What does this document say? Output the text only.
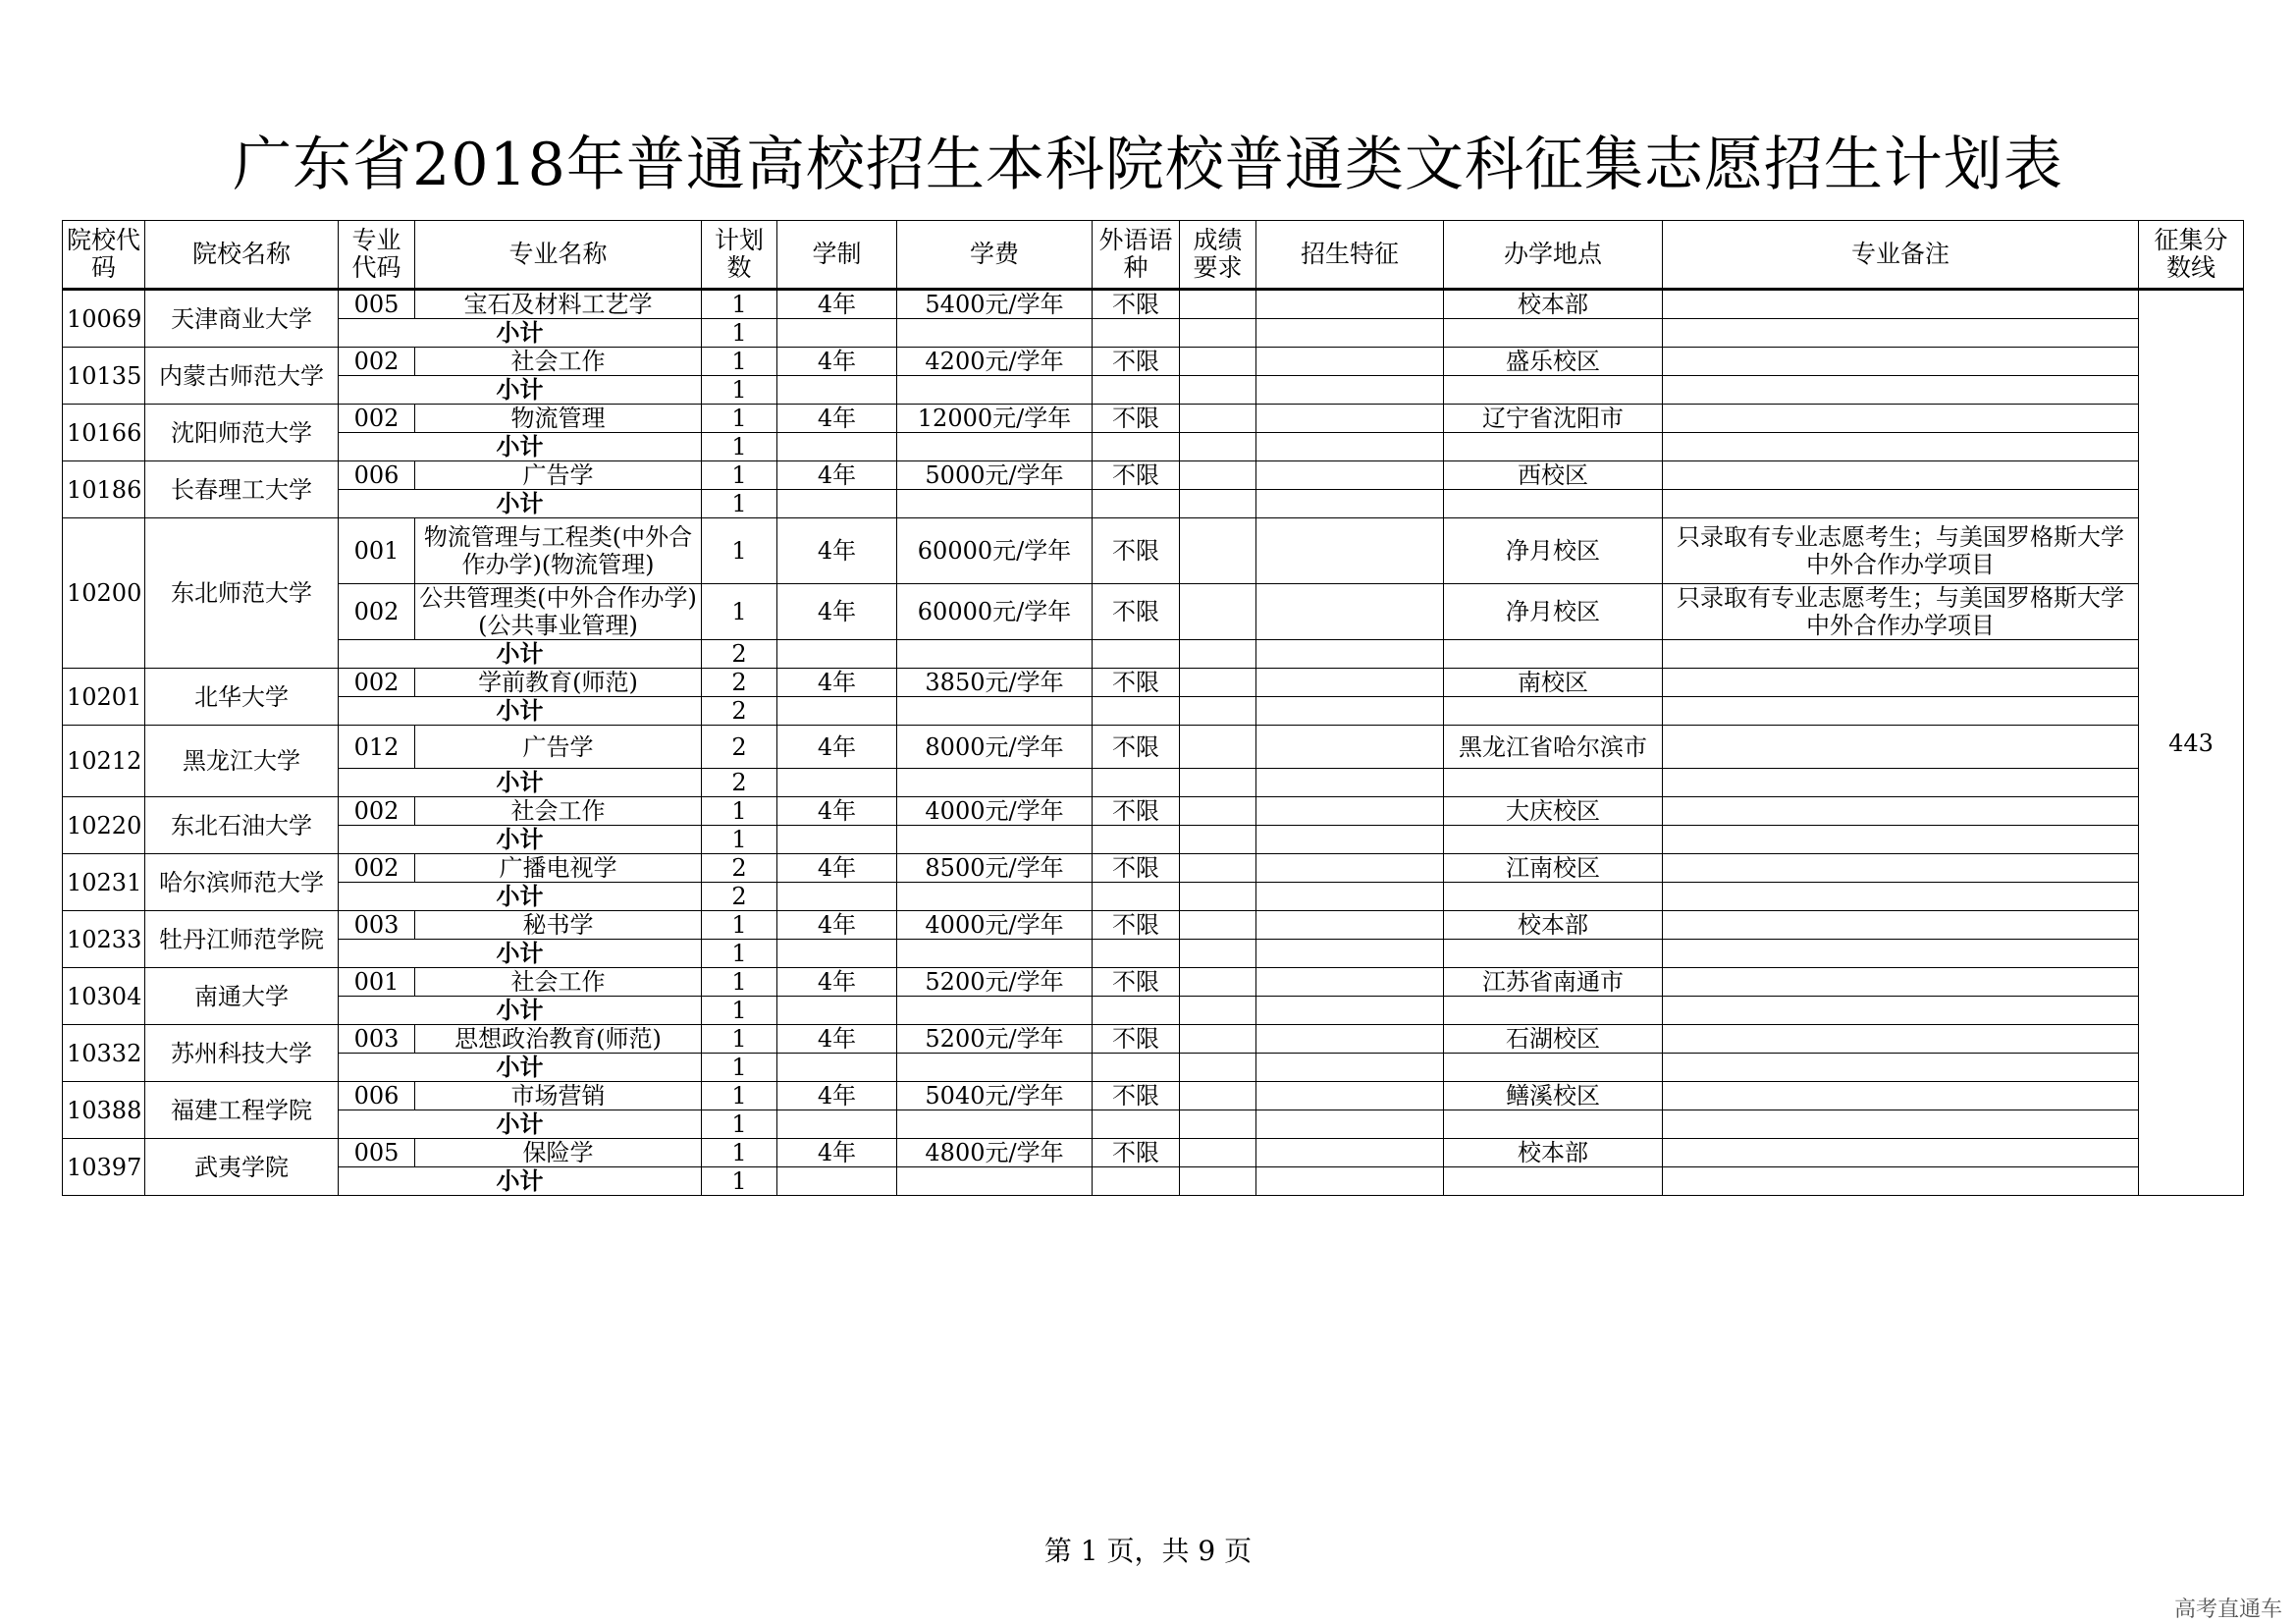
广东省2018年普通高校招生本科院校普通类文科征集志愿招生计划表
院校代码	院校名称	专业代码	专业名称	计划数	学制	学费	外语语种	成绩要求	招生特征	办学地点	专业备注	征集分数线
10069	天津商业大学	005	宝石及材料工艺学	1	4年	5400元/学年	不限			校本部		443
		小计		1								
10135	内蒙古师范大学	002	社会工作	1	4年	4200元/学年	不限			盛乐校区		
		小计		1								
10166	沈阳师范大学	002	物流管理	1	4年	12000元/学年	不限			辽宁省沈阳市		
		小计		1								
10186	长春理工大学	006	广告学	1	4年	5000元/学年	不限			西校区		
		小计		1								
10200	东北师范大学	001	物流管理与工程类(中外合作办学)(物流管理)	1	4年	60000元/学年	不限			净月校区	只录取有专业志愿考生；与美国罗格斯大学中外合作办学项目	
		002	公共管理类(中外合作办学)(公共事业管理)	1	4年	60000元/学年	不限			净月校区	只录取有专业志愿考生；与美国罗格斯大学中外合作办学项目	
		小计		2								
10201	北华大学	002	学前教育(师范)	2	4年	3850元/学年	不限			南校区		
		小计		2								
10212	黑龙江大学	012	广告学	2	4年	8000元/学年	不限			黑龙江省哈尔滨市		
		小计		2								
10220	东北石油大学	002	社会工作	1	4年	4000元/学年	不限			大庆校区		
		小计		1								
10231	哈尔滨师范大学	002	广播电视学	2	4年	8500元/学年	不限			江南校区		
		小计		2								
10233	牡丹江师范学院	003	秘书学	1	4年	4000元/学年	不限			校本部		
		小计		1								
10304	南通大学	001	社会工作	1	4年	5200元/学年	不限			江苏省南通市		
		小计		1								
10332	苏州科技大学	003	思想政治教育(师范)	1	4年	5200元/学年	不限			石湖校区		
		小计		1								
10388	福建工程学院	006	市场营销	1	4年	5040元/学年	不限			鳝溪校区		
		小计		1								
10397	武夷学院	005	保险学	1	4年	4800元/学年	不限			校本部		
		小计		1								
第 1 页，共 9 页
高考直通车
